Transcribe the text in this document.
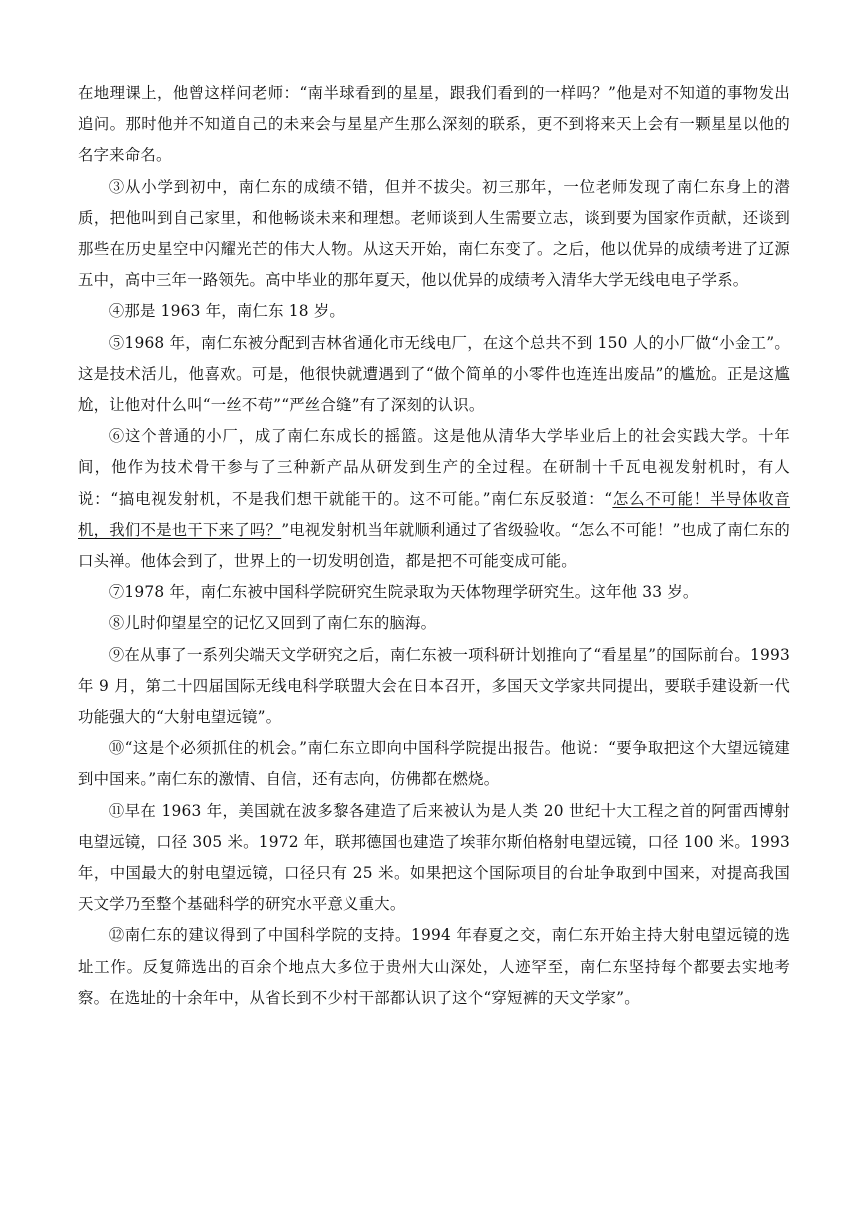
在地理课上，他曾这样问老师：“南半球看到的星星，跟我们看到的一样吗？”他是对不知道的事物发出追问。那时他并不知道自己的未来会与星星产生那么深刻的联系，更不到将来天上会有一颗星星以他的名字来命名。

③从小学到初中，南仁东的成绩不错，但并不拔尖。初三那年，一位老师发现了南仁东身上的潜质，把他叫到自己家里，和他畅谈未来和理想。老师谈到人生需要立志，谈到要为国家作贡献，还谈到那些在历史星空中闪耀光芒的伟大人物。从这天开始，南仁东变了。之后，他以优异的成绩考进了辽源五中，高中三年一路领先。高中毕业的那年夏天，他以优异的成绩考入清华大学无线电电子学系。

④那是 1963 年，南仁东 18 岁。

⑤1968 年，南仁东被分配到吉林省通化市无线电厂，在这个总共不到 150 人的小厂做“小金工”。这是技术活儿，他喜欢。可是，他很快就遭遇到了“做个简单的小零件也连连出废品”的尴尬。正是这尴尬，让他对什么叫“一丝不苟”“严丝合缝”有了深刻的认识。

⑥这个普通的小厂，成了南仁东成长的摇篮。这是他从清华大学毕业后上的社会实践大学。十年间，他作为技术骨干参与了三种新产品从研发到生产的全过程。在研制十千瓦电视发射机时，有人说：“搞电视发射机，不是我们想干就能干的。这不可能。”南仁东反驳道：“怎么不可能！半导体收音机，我们不是也干下来了吗？”电视发射机当年就顺利通过了省级验收。“怎么不可能！”也成了南仁东的口头禅。他体会到了，世界上的一切发明创造，都是把不可能变成可能。

⑦1978 年，南仁东被中国科学院研究生院录取为天体物理学研究生。这年他 33 岁。

⑧儿时仰望星空的记忆又回到了南仁东的脑海。

⑨在从事了一系列尖端天文学研究之后，南仁东被一项科研计划推向了“看星星”的国际前台。1993 年 9 月，第二十四届国际无线电科学联盟大会在日本召开，多国天文学家共同提出，要联手建设新一代功能强大的“大射电望远镜”。

⑩“这是个必须抓住的机会。”南仁东立即向中国科学院提出报告。他说：“要争取把这个大望远镜建到中国来。”南仁东的激情、自信，还有志向，仿佛都在燃烧。

⑪早在 1963 年，美国就在波多黎各建造了后来被认为是人类 20 世纪十大工程之首的阿雷西博射电望远镜，口径 305 米。1972 年，联邦德国也建造了埃菲尔斯伯格射电望远镜，口径 100 米。1993 年，中国最大的射电望远镜，口径只有 25 米。如果把这个国际项目的台址争取到中国来，对提高我国天文学乃至整个基础科学的研究水平意义重大。

⑫南仁东的建议得到了中国科学院的支持。1994 年春夏之交，南仁东开始主持大射电望远镜的选址工作。反复筛选出的百余个地点大多位于贵州大山深处，人迹罕至，南仁东坚持每个都要去实地考察。在选址的十余年中，从省长到不少村干部都认识了这个“穿短裤的天文学家”。
